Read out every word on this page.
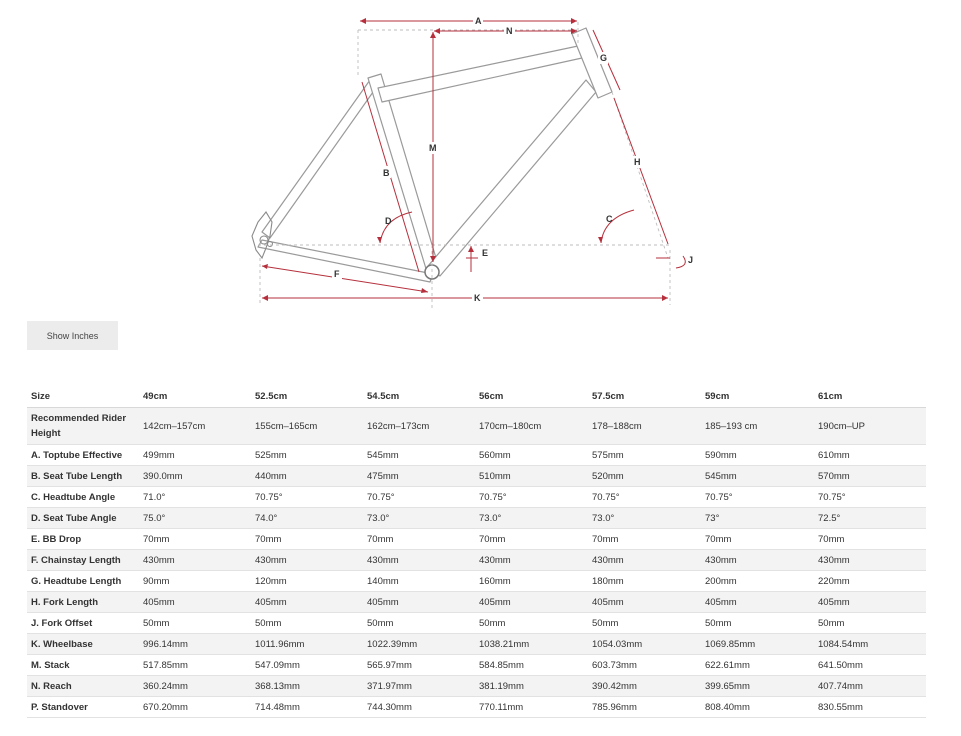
A
N
G
M
B
H
D	C
E
J
F
K
Show Inches
Size	49cm	52.5cm	54.5cm	56cm	57.5cm	59cm	61cm
Recommended Rider Height	142cm–157cm	155cm–165cm	162cm–173cm	170cm–180cm	178–188cm	185–193 cm	190cm–UP
A. Toptube Effective	499mm	525mm	545mm	560mm	575mm	590mm	610mm
B. Seat Tube Length	390.0mm	440mm	475mm	510mm	520mm	545mm	570mm
C. Headtube Angle	71.0°	70.75°	70.75°	70.75°	70.75°	70.75°	70.75°
D. Seat Tube Angle	75.0°	74.0°	73.0°	73.0°	73.0°	73°	72.5°
E. BB Drop	70mm	70mm	70mm	70mm	70mm	70mm	70mm
F. Chainstay Length	430mm	430mm	430mm	430mm	430mm	430mm	430mm
G. Headtube Length	90mm	120mm	140mm	160mm	180mm	200mm	220mm
H. Fork Length	405mm	405mm	405mm	405mm	405mm	405mm	405mm
J. Fork Offset	50mm	50mm	50mm	50mm	50mm	50mm	50mm
K. Wheelbase	996.14mm	1011.96mm	1022.39mm	1038.21mm	1054.03mm	1069.85mm	1084.54mm
M. Stack	517.85mm	547.09mm	565.97mm	584.85mm	603.73mm	622.61mm	641.50mm
N. Reach	360.24mm	368.13mm	371.97mm	381.19mm	390.42mm	399.65mm	407.74mm
P. Standover	670.20mm	714.48mm	744.30mm	770.11mm	785.96mm	808.40mm	830.55mm
